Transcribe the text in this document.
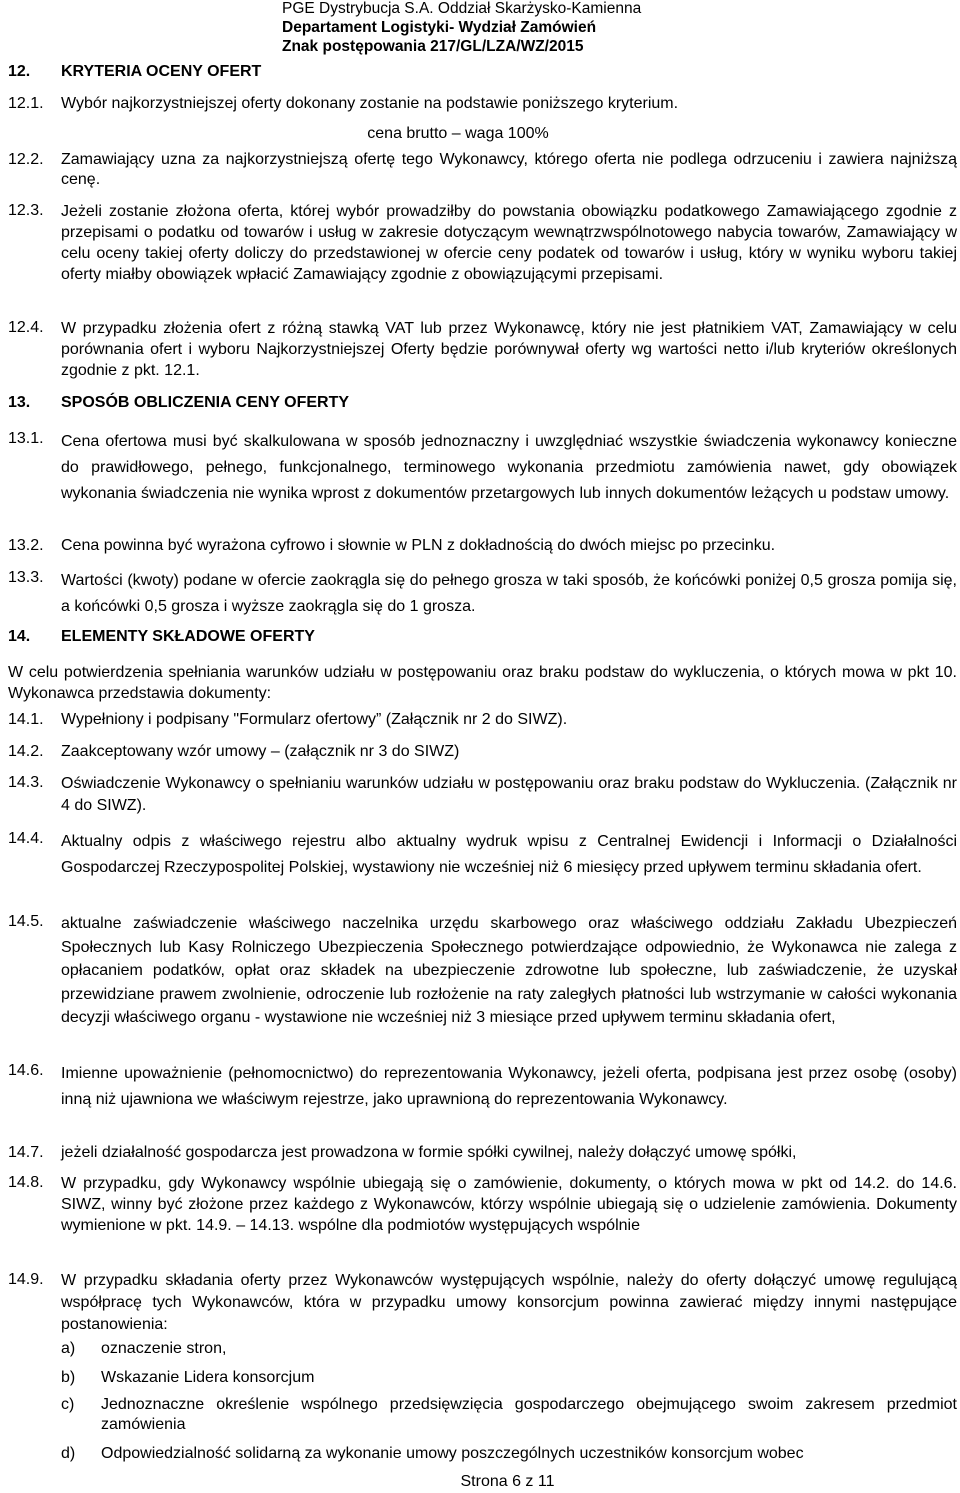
PGE Dystrybucja S.A. Oddział Skarżysko-Kamienna
Departament Logistyki- Wydział Zamówień
Znak postępowania 217/GL/LZA/WZ/2015
12. KRYTERIA OCENY OFERT
12.1. Wybór najkorzystniejszej oferty dokonany zostanie na podstawie poniższego kryterium.
cena brutto – waga 100%
12.2. Zamawiający uzna za najkorzystniejszą ofertę tego Wykonawcy, którego oferta nie podlega odrzuceniu i zawiera najniższą cenę.
12.3. Jeżeli zostanie złożona oferta, której wybór prowadziłby do powstania obowiązku podatkowego Zamawiającego zgodnie z przepisami o podatku od towarów i usług w zakresie dotyczącym wewnątrzwspólnotowego nabycia towarów, Zamawiający w celu oceny takiej oferty doliczy do przedstawionej w ofercie ceny podatek od towarów i usług, który w wyniku wyboru takiej oferty miałby obowiązek wpłacić Zamawiający zgodnie z obowiązującymi przepisami.
12.4. W przypadku złożenia ofert z różną stawką VAT lub przez Wykonawcę, który nie jest płatnikiem VAT, Zamawiający w celu porównania ofert i wyboru Najkorzystniejszej Oferty będzie porównywał oferty wg wartości netto i/lub kryteriów określonych zgodnie z pkt. 12.1.
13. SPOSÓB OBLICZENIA CENY OFERTY
13.1. Cena ofertowa musi być skalkulowana w sposób jednoznaczny i uwzględniać wszystkie świadczenia wykonawcy konieczne do prawidłowego, pełnego, funkcjonalnego, terminowego wykonania przedmiotu zamówienia nawet, gdy obowiązek wykonania świadczenia nie wynika wprost z dokumentów przetargowych lub innych dokumentów leżących u podstaw umowy.
13.2. Cena powinna być wyrażona cyfrowo i słownie w PLN z dokładnością do dwóch miejsc po przecinku.
13.3. Wartości (kwoty) podane w ofercie zaokrągla się do pełnego grosza w taki sposób, że końcówki poniżej 0,5 grosza pomija się, a końcówki 0,5 grosza i wyższe zaokrągla się do 1 grosza.
14. ELEMENTY SKŁADOWE OFERTY
W celu potwierdzenia spełniania warunków udziału w postępowaniu oraz braku podstaw do wykluczenia, o których mowa w pkt 10. Wykonawca przedstawia dokumenty:
14.1. Wypełniony i podpisany "Formularz ofertowy” (Załącznik nr 2 do SIWZ).
14.2. Zaakceptowany wzór umowy – (załącznik nr 3 do SIWZ)
14.3. Oświadczenie Wykonawcy o spełnianiu warunków udziału w postępowaniu oraz braku podstaw do Wykluczenia. (Załącznik nr 4 do SIWZ).
14.4. Aktualny odpis z właściwego rejestru albo aktualny wydruk wpisu z Centralnej Ewidencji i Informacji o Działalności Gospodarczej Rzeczypospolitej Polskiej, wystawiony nie wcześniej niż 6 miesięcy przed upływem terminu składania ofert.
14.5. aktualne zaświadczenie właściwego naczelnika urzędu skarbowego oraz właściwego oddziału Zakładu Ubezpieczeń Społecznych lub Kasy Rolniczego Ubezpieczenia Społecznego potwierdzające odpowiednio, że Wykonawca nie zalega z opłacaniem podatków, opłat oraz składek na ubezpieczenie zdrowotne lub społeczne, lub zaświadczenie, że uzyskał przewidziane prawem zwolnienie, odroczenie lub rozłożenie na raty zaległych płatności lub wstrzymanie w całości wykonania decyzji właściwego organu - wystawione nie wcześniej niż 3 miesiące przed upływem terminu składania ofert,
14.6. Imienne upoważnienie (pełnomocnictwo) do reprezentowania Wykonawcy, jeżeli oferta, podpisana jest przez osobę (osoby) inną niż ujawniona we właściwym rejestrze, jako uprawnioną do reprezentowania Wykonawcy.
14.7. jeżeli działalność gospodarcza jest prowadzona w formie spółki cywilnej, należy dołączyć umowę spółki,
14.8. W przypadku, gdy Wykonawcy wspólnie ubiegają się o zamówienie, dokumenty, o których mowa w pkt od 14.2. do 14.6. SIWZ, winny być złożone przez każdego z Wykonawców, którzy wspólnie ubiegają się o udzielenie zamówienia. Dokumenty wymienione w pkt. 14.9. – 14.13. wspólne dla podmiotów występujących wspólnie
14.9. W przypadku składania oferty przez Wykonawców występujących wspólnie, należy do oferty dołączyć umowę regulującą współpracę tych Wykonawców, która w przypadku umowy konsorcjum powinna zawierać między innymi następujące postanowienia:
a) oznaczenie stron,
b) Wskazanie Lidera konsorcjum
c) Jednoznaczne określenie wspólnego przedsięwzięcia gospodarczego obejmującego swoim zakresem przedmiot zamówienia
d) Odpowiedzialność solidarną za wykonanie umowy poszczególnych uczestników konsorcjum wobec
Strona 6 z 11
